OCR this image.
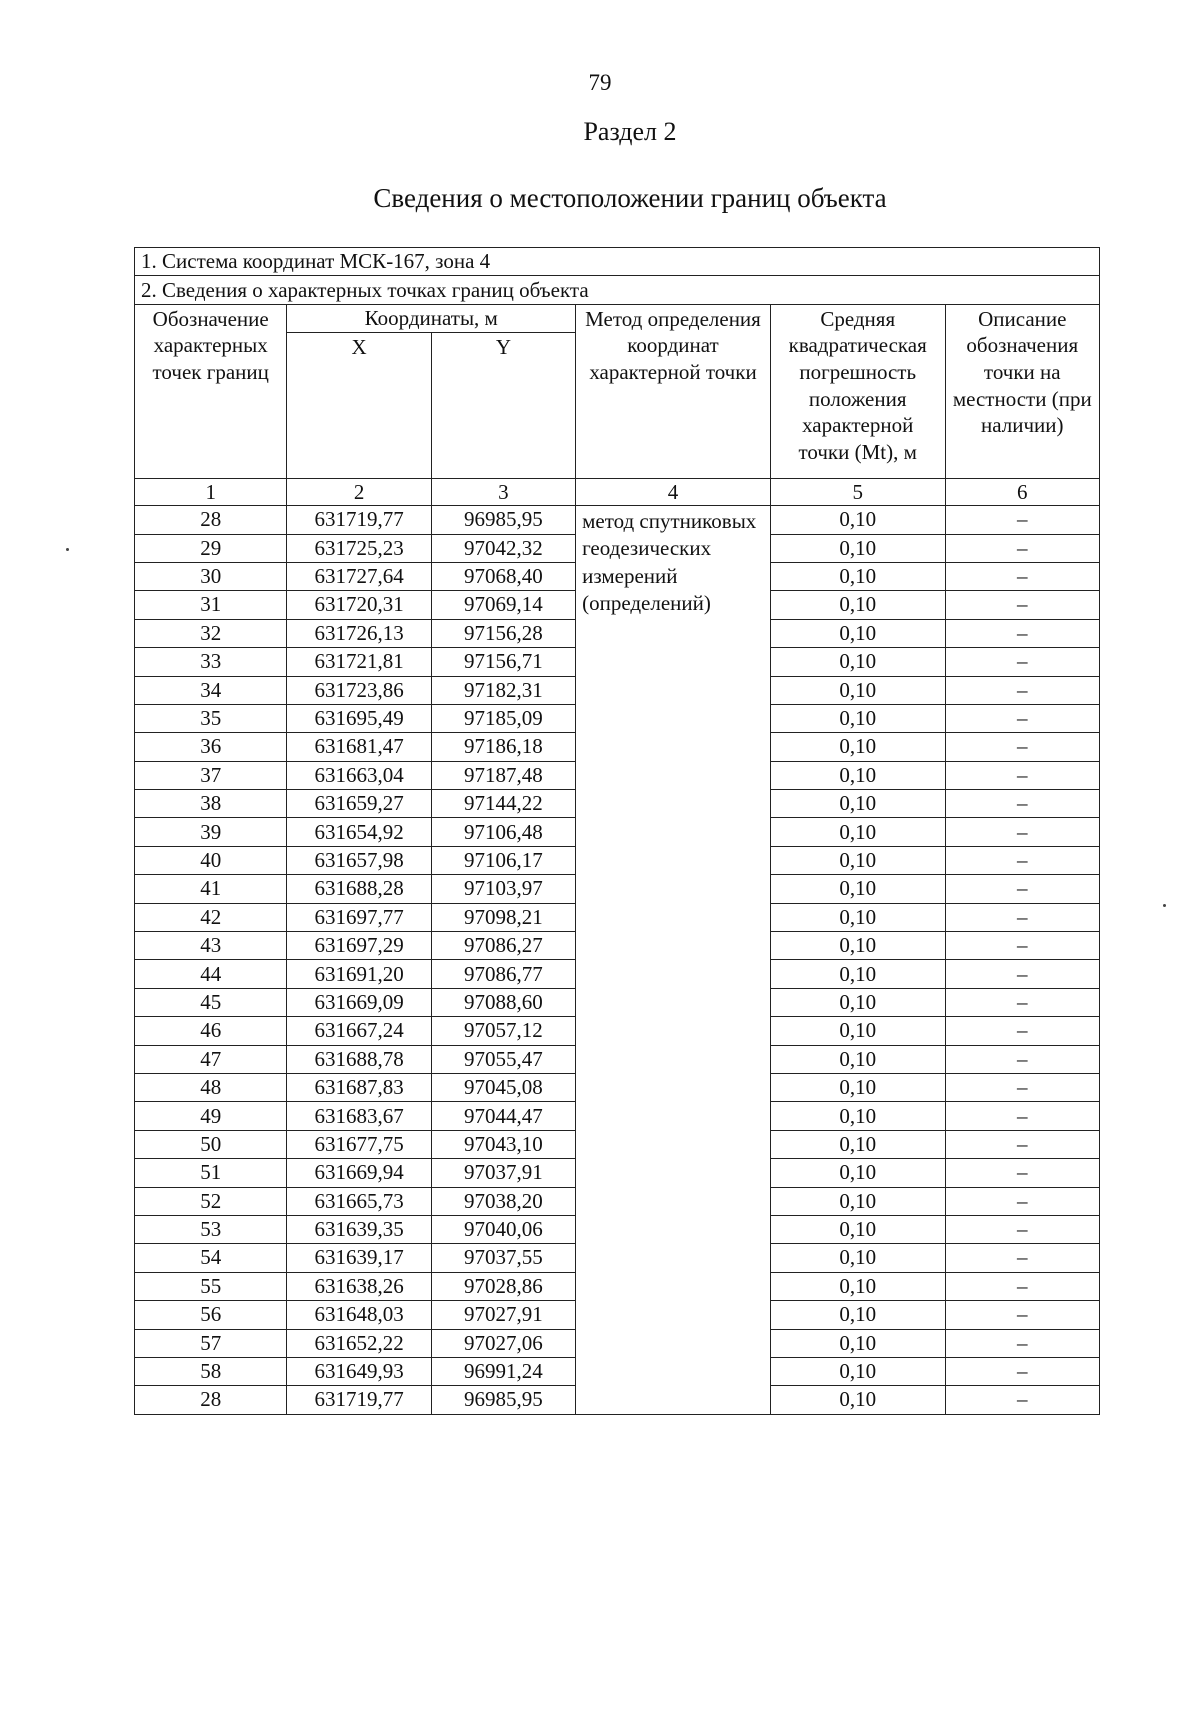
79
Раздел 2
Сведения о местоположении границ объекта
1. Система координат МСК-167, зона 4					
2. Сведения о характерных точках границ объекта					
Обозначение характерных точек границ	Координаты, м		Метод определения координат характерной точки	Средняя квадратическая погрешность положения характерной точки (Mt), м	Описание обозначения точки на местности (при наличии)
	X	Y			
1	2	3	4	5	6
28	631719,77	96985,95	метод спутниковых геодезических измерений (определений)	0,10	–
29	631725,23	97042,32		0,10	–
30	631727,64	97068,40		0,10	–
31	631720,31	97069,14		0,10	–
32	631726,13	97156,28		0,10	–
33	631721,81	97156,71		0,10	–
34	631723,86	97182,31		0,10	–
35	631695,49	97185,09		0,10	–
36	631681,47	97186,18		0,10	–
37	631663,04	97187,48		0,10	–
38	631659,27	97144,22		0,10	–
39	631654,92	97106,48		0,10	–
40	631657,98	97106,17		0,10	–
41	631688,28	97103,97		0,10	–
42	631697,77	97098,21		0,10	–
43	631697,29	97086,27		0,10	–
44	631691,20	97086,77		0,10	–
45	631669,09	97088,60		0,10	–
46	631667,24	97057,12		0,10	–
47	631688,78	97055,47		0,10	–
48	631687,83	97045,08		0,10	–
49	631683,67	97044,47		0,10	–
50	631677,75	97043,10		0,10	–
51	631669,94	97037,91		0,10	–
52	631665,73	97038,20		0,10	–
53	631639,35	97040,06		0,10	–
54	631639,17	97037,55		0,10	–
55	631638,26	97028,86		0,10	–
56	631648,03	97027,91		0,10	–
57	631652,22	97027,06		0,10	–
58	631649,93	96991,24		0,10	–
28	631719,77	96985,95		0,10	–
